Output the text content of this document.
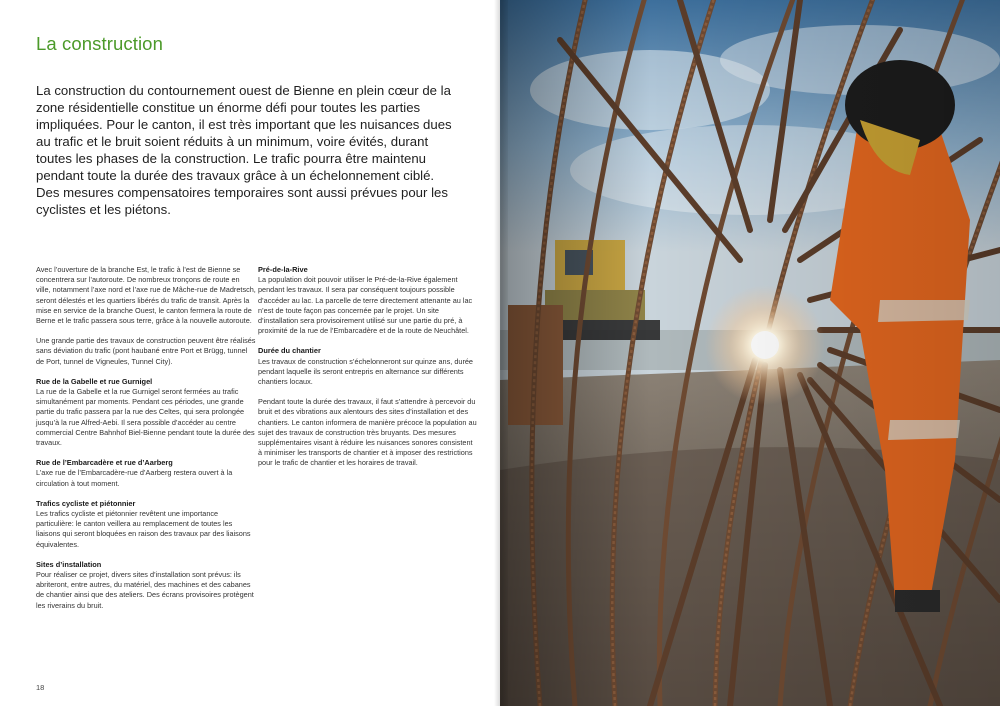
La construction

La construction du contournement ouest de Bienne en plein cœur de la zone résidentielle constitue un énorme défi pour toutes les parties impliquées. Pour le canton, il est très important que les nuisances dues au trafic et le bruit soient réduits à un minimum, voire évités, durant toutes les phases de la construction. Le trafic pourra être maintenu pendant toute la durée des travaux grâce à un échelonnement ciblé. Des mesures compensatoires temporaires sont aussi prévues pour les cyclistes et les piétons.

Avec l’ouverture de la branche Est, le trafic à l’est de Bienne se concentrera sur l’autoroute. De nombreux tronçons de route en ville, notamment l’axe nord et l’axe rue de Mâche-rue de Madretsch, seront délestés et les quartiers libérés du trafic de transit. Après la mise en service de la branche Ouest, le canton fermera la route de Berne et le trafic passera sous terre, grâce à la nouvelle autoroute.

Une grande partie des travaux de construction peuvent être réalisés sans déviation du trafic (pont haubané entre Port et Brügg, tunnel de Port, tunnel de Vigneules, Tunnel City).

Rue de la Gabelle et rue Gurnigel

La rue de la Gabelle et la rue Gurnigel seront fermées au trafic simultanément par moments. Pendant ces périodes, une grande partie du trafic passera par la rue des Celtes, qui sera prolongée jusqu’à la rue Alfred-Aebi. Il sera possible d’accéder au centre commercial Centre Bahnhof Biel-Bienne pendant toute la durée des travaux.

Rue de l’Embarcadère et rue d’Aarberg

L’axe rue de l’Embarcadère-rue d’Aarberg restera ouvert à la circulation à tout moment.

Trafics cycliste et piétonnier

Les trafics cycliste et piétonnier revêtent une importance particulière: le canton veillera au remplacement de toutes les liaisons qui seront bloquées en raison des travaux par des liaisons équivalentes.

Sites d’installation

Pour réaliser ce projet, divers sites d’installation sont prévus: ils abriteront, entre autres, du matériel, des machines et des cabanes de chantier ainsi que des ateliers. Des écrans provisoires protègent les riverains du bruit.

Pré-de-la-Rive

La population doit pouvoir utiliser le Pré-de-la-Rive également pendant les travaux. Il sera par conséquent toujours possible d’accéder au lac. La parcelle de terre directement attenante au lac n’est de toute façon pas concernée par le projet. Un site d’installation sera provisoirement utilisé sur une partie du pré, à proximité de la rue de l’Embarcadère et de la route de Neuchâtel.

Durée du chantier

Les travaux de construction s’échelonneront sur quinze ans, durée pendant laquelle ils seront entrepris en alternance sur différents chantiers locaux.

Pendant toute la durée des travaux, il faut s’attendre à percevoir du bruit et des vibrations aux alentours des sites d’installation et des chantiers. Le canton informera de manière précoce la population au sujet des travaux de construction très bruyants. Des mesures supplémentaires visant à réduire les nuisances sonores consistent à minimiser les transports de chantier et à imposer des restrictions pour le trafic de chantier et les horaires de travail.

18
